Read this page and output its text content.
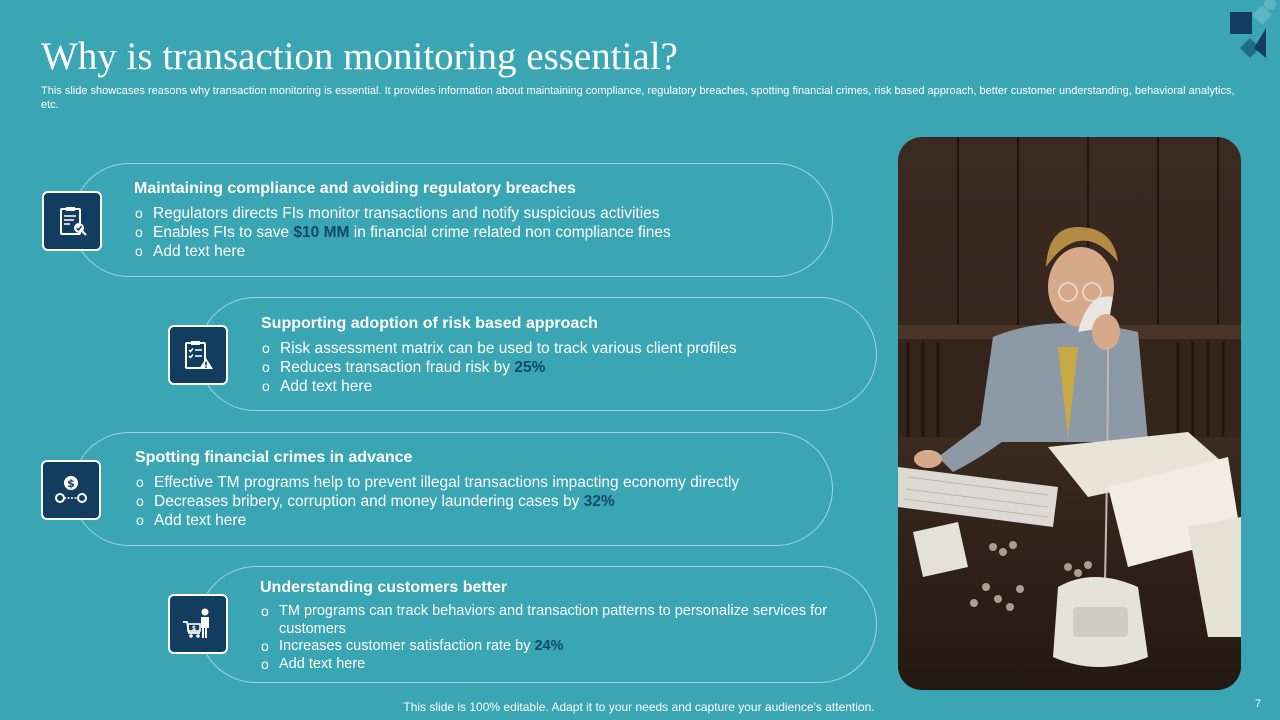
Why is transaction monitoring essential?
This slide showcases reasons why transaction monitoring is essential. It provides information about maintaining compliance, regulatory breaches, spotting financial crimes, risk based approach, better customer understanding, behavioral analytics, etc.
Maintaining compliance and avoiding regulatory breaches
o Regulators directs FIs monitor transactions and notify suspicious activities
o Enables FIs to save $10 MM in financial crime related non compliance fines
o Add text here
Supporting adoption of risk based approach
o Risk assessment matrix can be used to track various client profiles
o Reduces transaction fraud risk by 25%
o Add text here
$
Spotting financial crimes in advance
o Effective TM programs help to prevent illegal transactions impacting economy directly
o Decreases bribery, corruption and money laundering cases by 32%
o Add text here
$
Understanding customers better
o TM programs can track behaviors and transaction patterns to personalize services for customers
o Increases customer satisfaction rate by 24%
o Add text here
This slide is 100% editable. Adapt it to your needs and capture your audience's attention.	7
